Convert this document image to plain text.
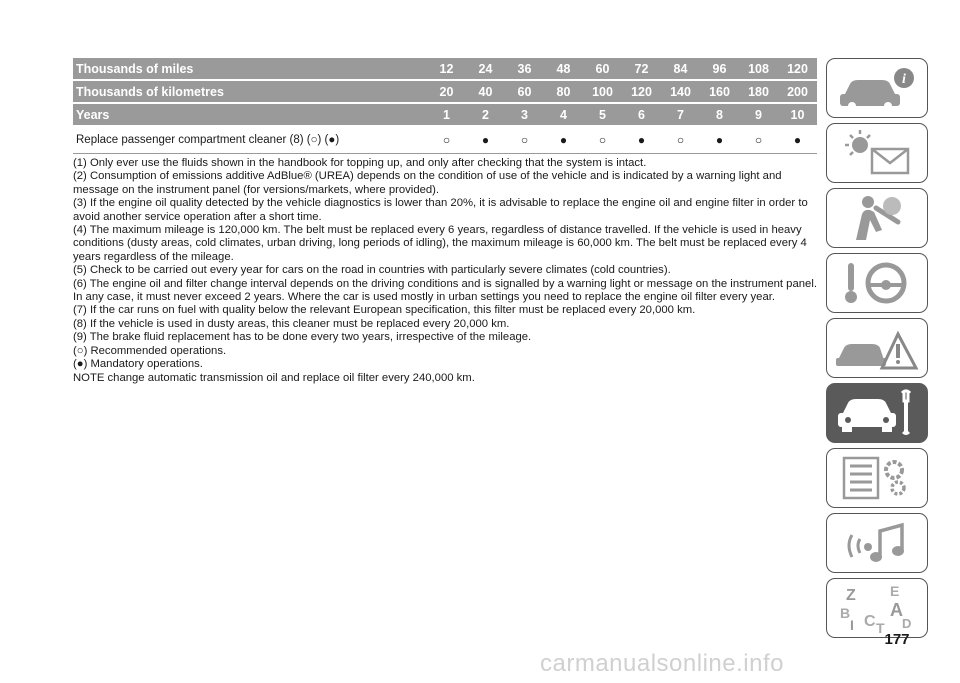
Thousands of miles	12	24	36	48	60	72	84	96	108	120
Thousands of kilometres	20	40	60	80	100	120	140	160	180	200
Years	1	2	3	4	5	6	7	8	9	10
Replace passenger compartment cleaner (8) (○) (●)	○	●	○	●	○	●	○	●	○	●

(1) Only ever use the fluids shown in the handbook for topping up, and only after checking that the system is intact.

(2) Consumption of emissions additive AdBlue® (UREA) depends on the condition of use of the vehicle and is indicated by a warning light and message on the instrument panel (for versions/markets, where provided).

(3) If the engine oil quality detected by the vehicle diagnostics is lower than 20%, it is advisable to replace the engine oil and engine filter in order to avoid another service operation after a short time.

(4) The maximum mileage is 120,000 km. The belt must be replaced every 6 years, regardless of distance travelled. If the vehicle is used in heavy conditions (dusty areas, cold climates, urban driving, long periods of idling), the maximum mileage is 60,000 km. The belt must be replaced every 4 years regardless of the mileage.

(5) Check to be carried out every year for cars on the road in countries with particularly severe climates (cold countries).

(6) The engine oil and filter change interval depends on the driving conditions and is signalled by a warning light or message on the instrument panel. In any case, it must never exceed 2 years. Where the car is used mostly in urban settings you need to replace the engine oil filter every year.

(7) If the car runs on fuel with quality below the relevant European specification, this filter must be replaced every 20,000 km.

(8) If the vehicle is used in dusty areas, this cleaner must be replaced every 20,000 km.

(9) The brake fluid replacement has to be done every two years, irrespective of the mileage.

(○) Recommended operations.

(●) Mandatory operations.

NOTE change automatic transmission oil and replace oil filter every 240,000 km.

i
Z E
B A
I C T D
177
carmanualsonline.info
